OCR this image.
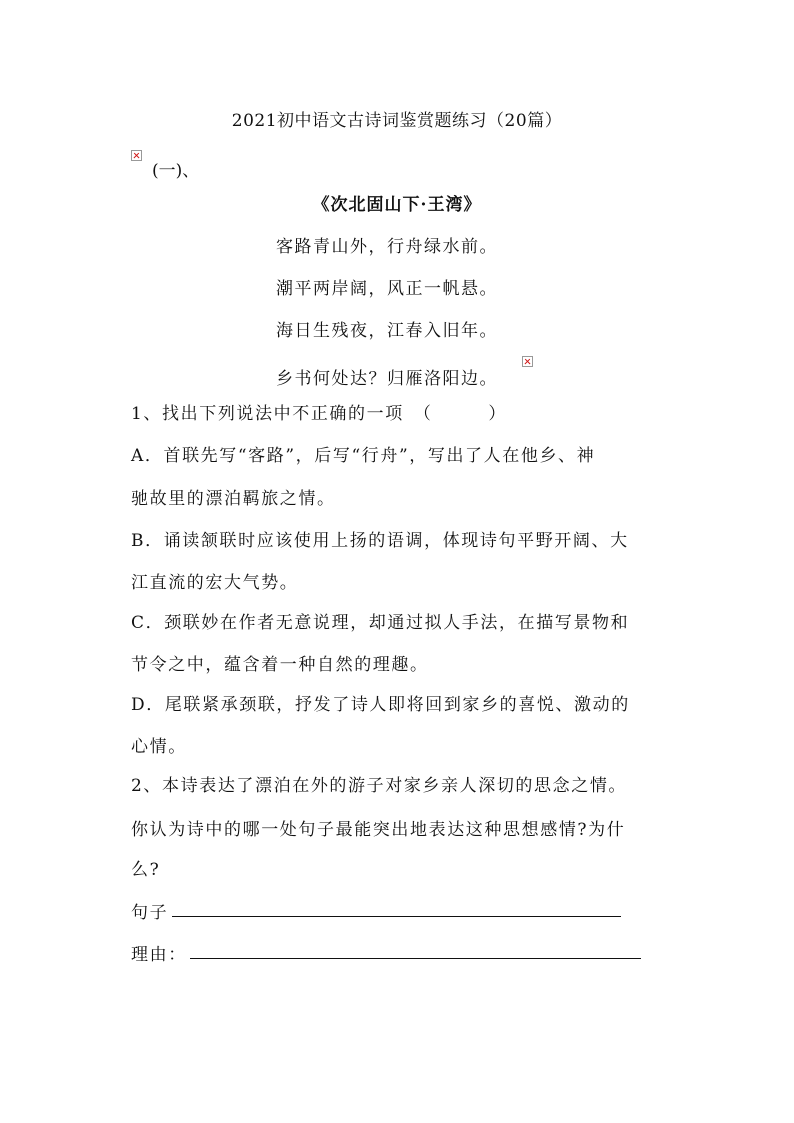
2021初中语文古诗词鉴赏题练习（20篇）
(一)、
《次北固山下·王湾》
客路青山外，行舟绿水前。
潮平两岸阔，风正一帆悬。
海日生残夜，江春入旧年。
乡书何处达？归雁洛阳边。
1、找出下列说法中不正确的一项　（　　　）
A．首联先写“客路”，后写“行舟”，写出了人在他乡、神
驰故里的漂泊羁旅之情。
B．诵读颔联时应该使用上扬的语调，体现诗句平野开阔、大
江直流的宏大气势。
C．颈联妙在作者无意说理，却通过拟人手法，在描写景物和
节令之中，蕴含着一种自然的理趣。
D．尾联紧承颈联，抒发了诗人即将回到家乡的喜悦、激动的
心情。
2、本诗表达了漂泊在外的游子对家乡亲人深切的思念之情。
你认为诗中的哪一处句子最能突出地表达这种思想感情?为什
么?
句子
理由：
